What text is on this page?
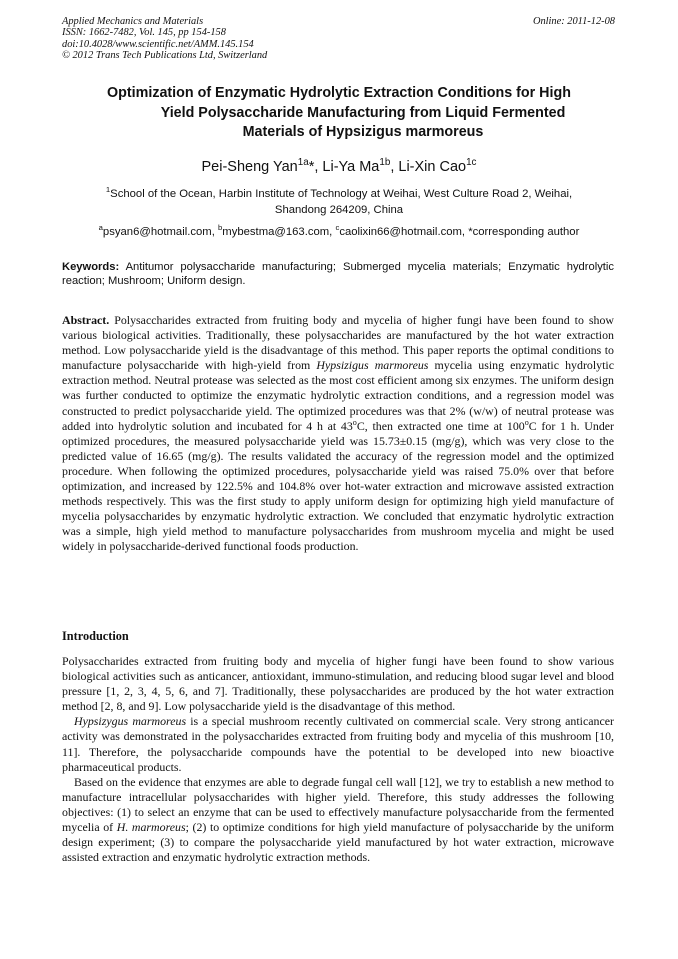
Applied Mechanics and Materials
ISSN: 1662-7482, Vol. 145, pp 154-158
doi:10.4028/www.scientific.net/AMM.145.154
© 2012 Trans Tech Publications Ltd, Switzerland
Online: 2011-12-08
Optimization of Enzymatic Hydrolytic Extraction Conditions for High
Yield Polysaccharide Manufacturing from Liquid Fermented
Materials of Hypsizigus marmoreus
Pei-Sheng Yan$^{1a}$*, Li-Ya $Ma^{1b}$, Li-Xin Cao$^{1c}$
$^1$School of the Ocean, Harbin Institute of Technology at Weihai, West Culture Road 2, Weihai,
Shandong 264209, China
$^a$psyan6@hotmail.com, $^b$mybestma@163.com, $^c$caolixin66@hotmail.com, *corresponding author
Keywords: Antitumor polysaccharide manufacturing; Submerged mycelia materials; Enzymatic hydrolytic reaction; Mushroom; Uniform design.
Abstract. Polysaccharides extracted from fruiting body and mycelia of higher fungi have been found to show various biological activities. Traditionally, these polysaccharides are manufactured by the hot water extraction method. Low polysaccharide yield is the disadvantage of this method. This paper reports the optimal conditions to manufacture polysaccharide with high-yield from Hypsizigus marmoreus mycelia using enzymatic hydrolytic extraction method. Neutral protease was selected as the most cost efficient among six enzymes. The uniform design was further conducted to optimize the enzymatic hydrolytic extraction conditions, and a regression model was constructed to predict polysaccharide yield. The optimized procedures was that 2% (w/w) of neutral protease was added into hydrolytic solution and incubated for 4 h at 43$^o$C, then extracted one time at 100$^o$C for 1 h. Under optimized procedures, the measured polysaccharide yield was 15.73±0.15 (mg/g), which was very close to the predicted value of 16.65 (mg/g). The results validated the accuracy of the regression model and the optimized procedure. When following the optimized procedures, polysaccharide yield was raised 75.0% over that before optimization, and increased by 122.5% and 104.8% over hot-water extraction and microwave assisted extraction methods respectively. This was the first study to apply uniform design for optimizing high yield manufacture of mycelia polysaccharides by enzymatic hydrolytic extraction. We concluded that enzymatic hydrolytic extraction was a simple, high yield method to manufacture polysaccharides from mushroom mycelia and might be used widely in polysaccharide-derived functional foods production.
Introduction

Polysaccharides extracted from fruiting body and mycelia of higher fungi have been found to show various biological activities such as anticancer, antioxidant, immuno-stimulation, and reducing blood sugar level and blood pressure [1, 2, 3, 4, 5, 6, and 7]. Traditionally, these polysaccharides are produced by the hot water extraction method [2, 8, and 9]. Low polysaccharide yield is the disadvantage of this method.

Hypsizygus marmoreus is a special mushroom recently cultivated on commercial scale. Very strong anticancer activity was demonstrated in the polysaccharides extracted from fruiting body and mycelia of this mushroom [10, 11]. Therefore, the polysaccharide compounds have the potential to be developed into new bioactive pharmaceutical products.

Based on the evidence that enzymes are able to degrade fungal cell wall [12], we try to establish a new method to manufacture intracellular polysaccharides with higher yield. Therefore, this study addresses the following objectives: (1) to select an enzyme that can be used to effectively manufacture polysaccharide from the fermented mycelia of H. marmoreus; (2) to optimize conditions for high yield manufacture of polysaccharide by the uniform design experiment; (3) to compare the polysaccharide yield manufactured by hot water extraction, microwave assisted extraction and enzymatic hydrolytic extraction methods.
